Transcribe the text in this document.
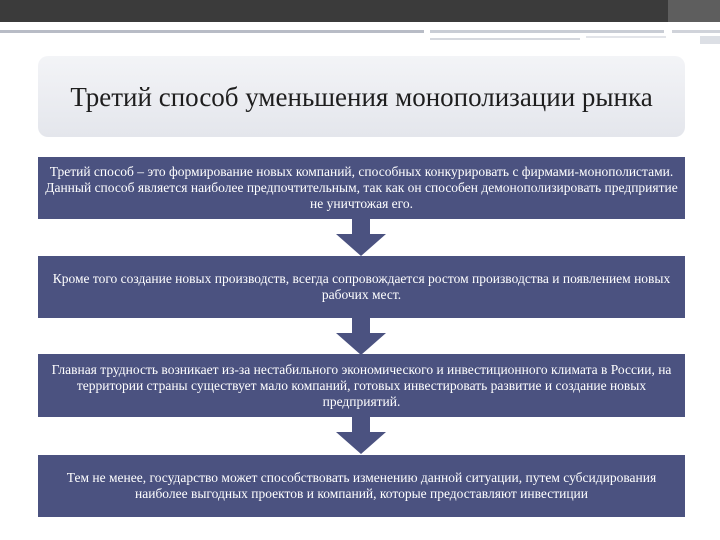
Третий способ уменьшения монополизации рынка
Третий способ – это формирование новых компаний, способных конкурировать с фирмами-монополистами. Данный способ является наиболее предпочтительным, так как он способен демонополизировать предприятие не уничтожая его.
Кроме того создание новых производств, всегда сопровождается ростом производства и появлением новых рабочих мест.
Главная трудность возникает из-за нестабильного экономического и инвестиционного климата в России, на территории страны существует мало компаний, готовых инвестировать развитие и создание новых предприятий.
Тем не менее, государство может способствовать изменению данной ситуации, путем субсидирования наиболее выгодных проектов и компаний, которые предоставляют инвестиции
